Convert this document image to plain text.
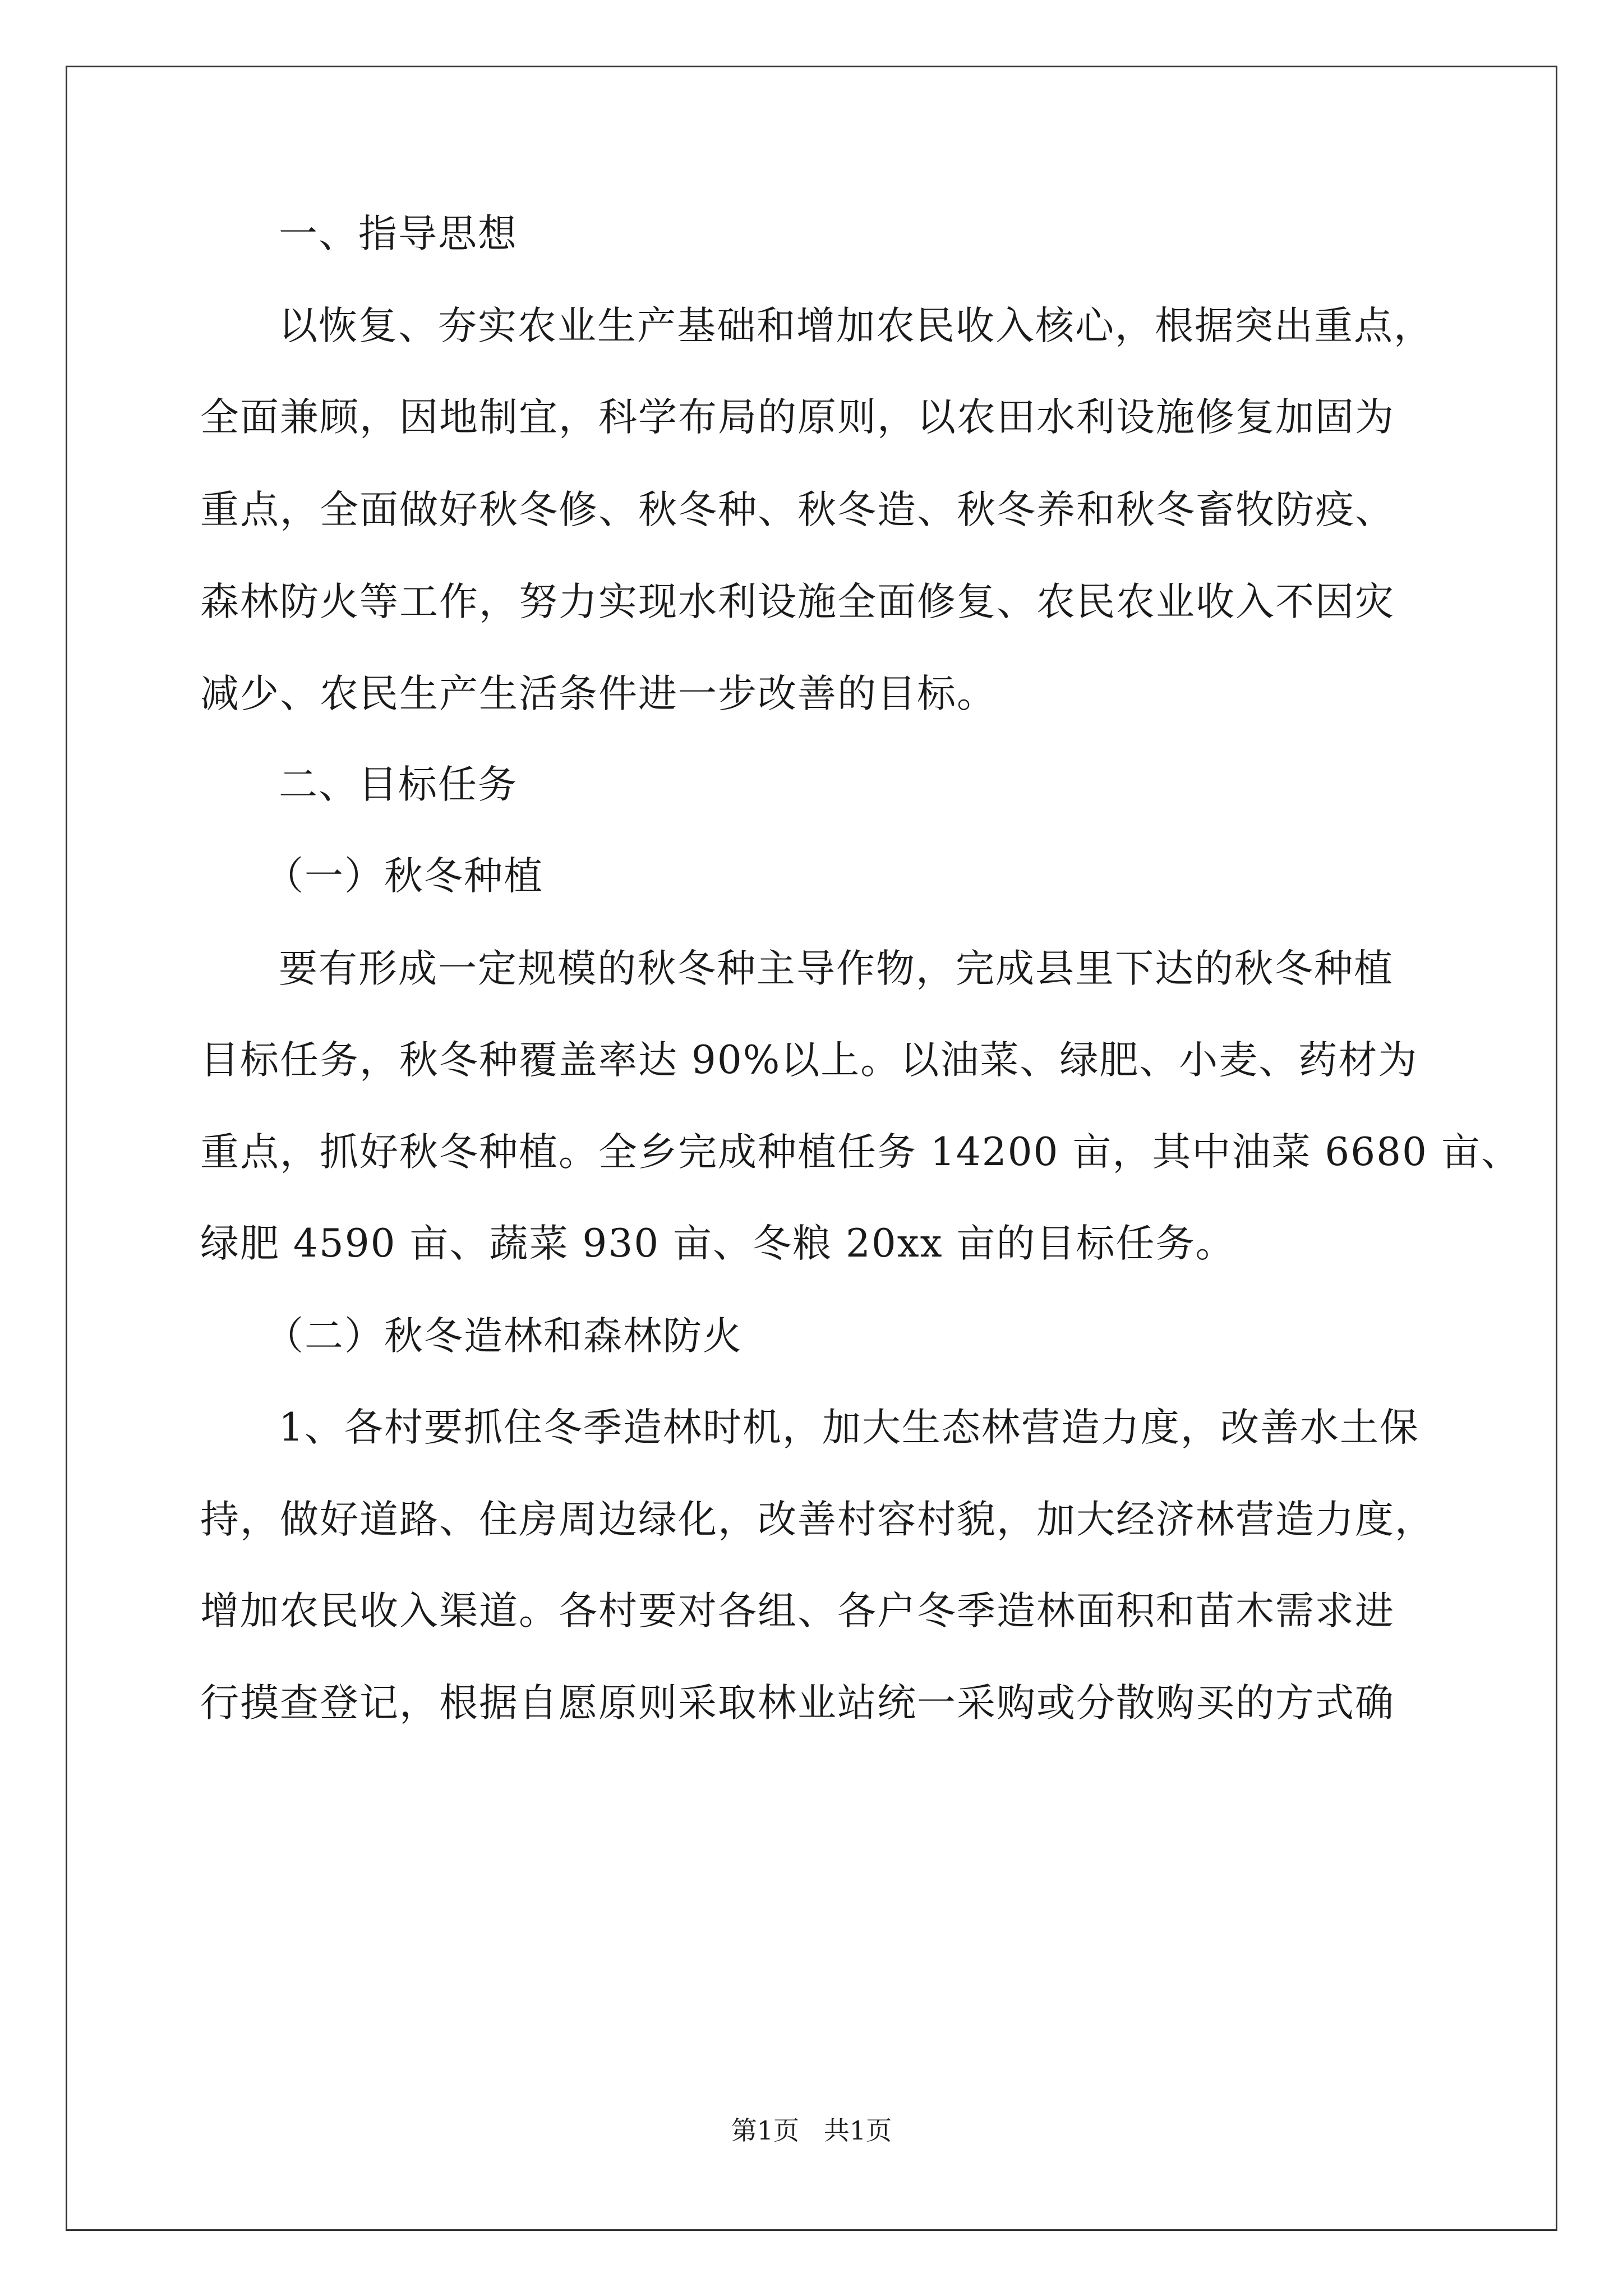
一、指导思想
以恢复、夯实农业生产基础和增加农民收入核心，根据突出重点，
全面兼顾，因地制宜，科学布局的原则，以农田水利设施修复加固为
重点，全面做好秋冬修、秋冬种、秋冬造、秋冬养和秋冬畜牧防疫、
森林防火等工作，努力实现水利设施全面修复、农民农业收入不因灾
减少、农民生产生活条件进一步改善的目标。
二、目标任务
（一）秋冬种植
要有形成一定规模的秋冬种主导作物，完成县里下达的秋冬种植
目标任务，秋冬种覆盖率达 90%以上。以油菜、绿肥、小麦、药材为
重点，抓好秋冬种植。全乡完成种植任务 14200 亩，其中油菜 6680 亩、
绿肥 4590 亩、蔬菜 930 亩、冬粮 20xx 亩的目标任务。
（二）秋冬造林和森林防火
1、各村要抓住冬季造林时机，加大生态林营造力度，改善水土保
持，做好道路、住房周边绿化，改善村容村貌，加大经济林营造力度，
增加农民收入渠道。各村要对各组、各户冬季造林面积和苗木需求进
行摸查登记，根据自愿原则采取林业站统一采购或分散购买的方式确
第1页   共1页
